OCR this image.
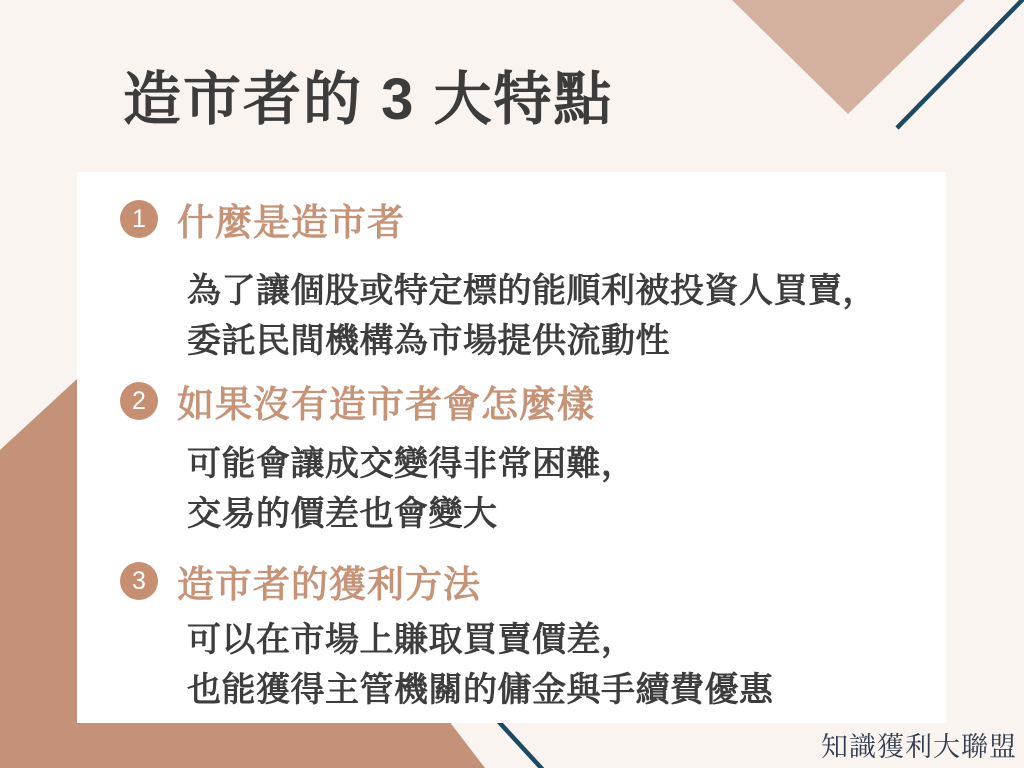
造市者的 3 大特點
1 什麼是造市者
為了讓個股或特定標的能順利被投資人買賣，
委託民間機構為市場提供流動性
2 如果沒有造市者會怎麼樣
可能會讓成交變得非常困難，
交易的價差也會變大
3 造市者的獲利方法
可以在市場上賺取買賣價差，
也能獲得主管機關的傭金與手續費優惠
知識獲利大聯盟
